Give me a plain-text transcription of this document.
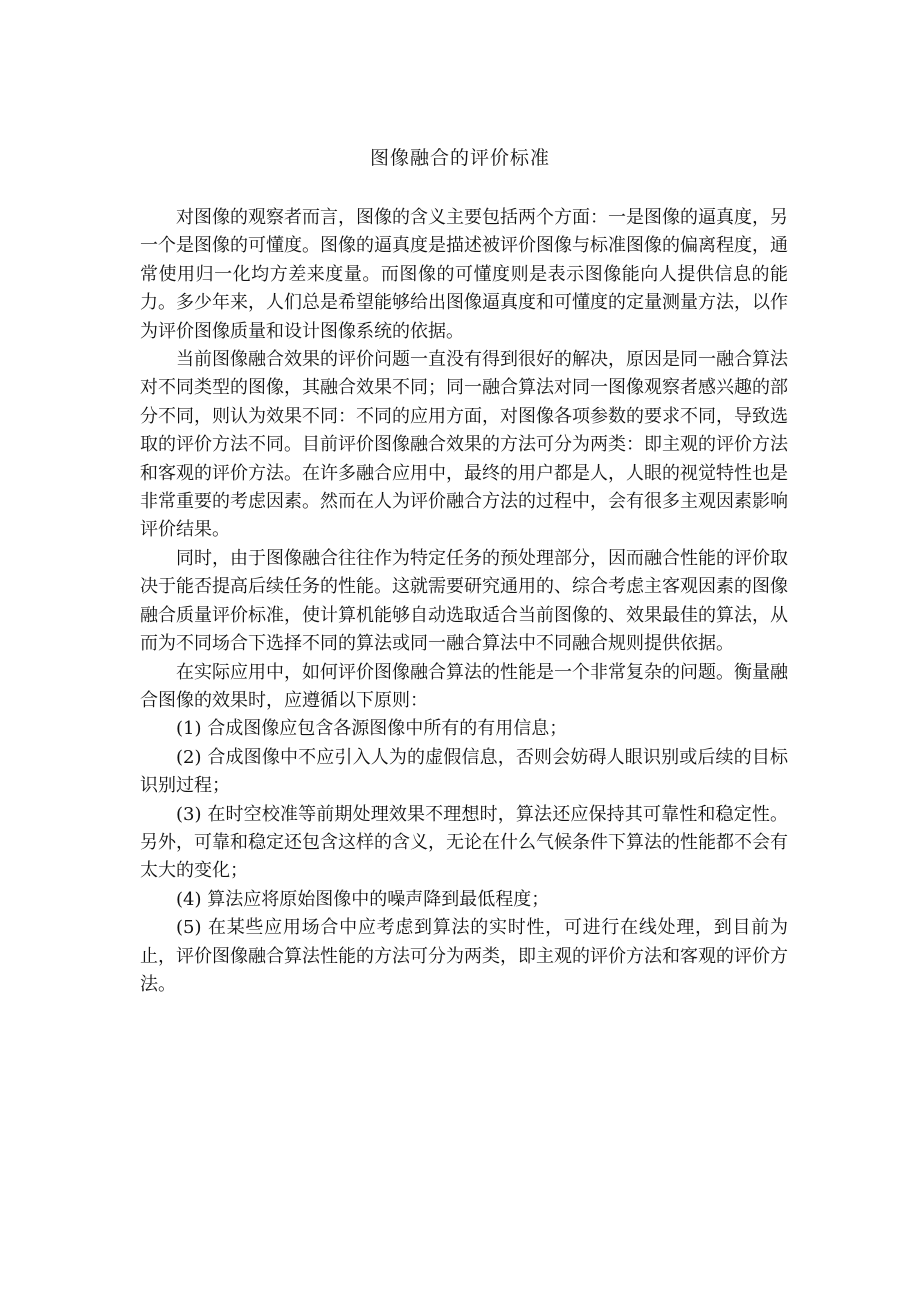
图像融合的评价标准

对图像的观察者而言，图像的含义主要包括两个方面：一是图像的逼真度，另一个是图像的可懂度。图像的逼真度是描述被评价图像与标准图像的偏离程度，通常使用归一化均方差来度量。而图像的可懂度则是表示图像能向人提供信息的能力。多少年来，人们总是希望能够给出图像逼真度和可懂度的定量测量方法，以作为评价图像质量和设计图像系统的依据。

当前图像融合效果的评价问题一直没有得到很好的解决，原因是同一融合算法对不同类型的图像，其融合效果不同；同一融合算法对同一图像观察者感兴趣的部分不同，则认为效果不同：不同的应用方面，对图像各项参数的要求不同，导致选取的评价方法不同。目前评价图像融合效果的方法可分为两类：即主观的评价方法和客观的评价方法。在许多融合应用中，最终的用户都是人，人眼的视觉特性也是非常重要的考虑因素。然而在人为评价融合方法的过程中，会有很多主观因素影响评价结果。

同时，由于图像融合往往作为特定任务的预处理部分，因而融合性能的评价取决于能否提高后续任务的性能。这就需要研究通用的、综合考虑主客观因素的图像融合质量评价标准，使计算机能够自动选取适合当前图像的、效果最佳的算法，从而为不同场合下选择不同的算法或同一融合算法中不同融合规则提供依据。

在实际应用中，如何评价图像融合算法的性能是一个非常复杂的问题。衡量融合图像的效果时，应遵循以下原则：

(1) 合成图像应包含各源图像中所有的有用信息；

(2) 合成图像中不应引入人为的虚假信息，否则会妨碍人眼识别或后续的目标识别过程；

(3) 在时空校准等前期处理效果不理想时，算法还应保持其可靠性和稳定性。 另外，可靠和稳定还包含这样的含义，无论在什么气候条件下算法的性能都不会有太大的变化；

(4) 算法应将原始图像中的噪声降到最低程度；

(5) 在某些应用场合中应考虑到算法的实时性，可进行在线处理，到目前为止，评价图像融合算法性能的方法可分为两类，即主观的评价方法和客观的评价方法。
